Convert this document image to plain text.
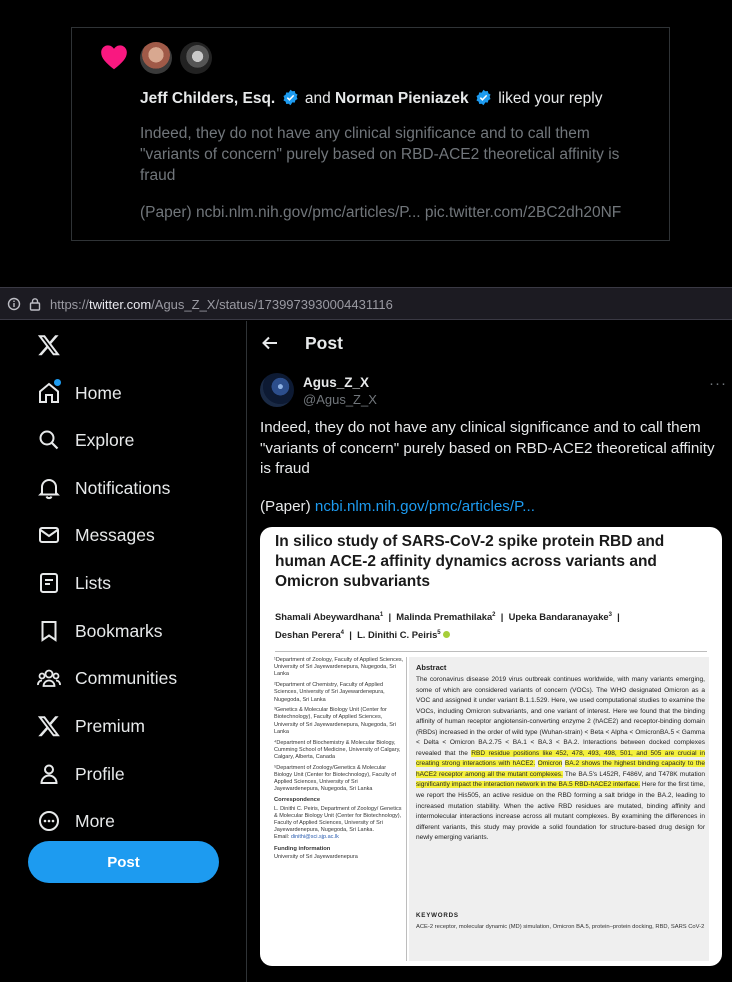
Jeff Childers, Esq. and Norman Pieniazek liked your reply
Indeed, they do not have any clinical significance and to call them "variants of concern" purely based on RBD-ACE2 theoretical affinity is fraud
(Paper) ncbi.nlm.nih.gov/pmc/articles/P... pic.twitter.com/2BC2dh20NF
https://twitter.com/Agus_Z_X/status/1739973930004431116
Home
Explore
Notifications
Messages
Lists
Bookmarks
Communities
Premium
Profile
More
Post
Post
Agus_Z_X
@Agus_Z_X
···
Indeed, they do not have any clinical significance and to call them "variants of concern" purely based on RBD-ACE2 theoretical affinity is fraud
(Paper) ncbi.nlm.nih.gov/pmc/articles/P...
In silico study of SARS-CoV-2 spike protein RBD and human ACE-2 affinity dynamics across variants and Omicron subvariants
Shamali Abeywardhana$^1$  |  Malinda Premathilaka$^2$  |  Upeka Bandaranayake$^3$  |
Deshan Perera$^4$  |  L. Dinithi C. Peiris$^5$

¹Department of Zoology, Faculty of Applied Sciences, University of Sri Jayewardenepura, Nugegoda, Sri Lanka

²Department of Chemistry, Faculty of Applied Sciences, University of Sri Jayewardenepura, Nugegoda, Sri Lanka

³Genetics & Molecular Biology Unit (Center for Biotechnology), Faculty of Applied Sciences, University of Sri Jayewardenepura, Nugegoda, Sri Lanka

⁴Department of Biochemistry & Molecular Biology, Cumming School of Medicine, University of Calgary, Calgary, Alberta, Canada

⁵Department of Zoology/Genetics & Molecular Biology Unit (Center for Biotechnology), Faculty of Applied Sciences, University of Sri Jayewardenepura, Nugegoda, Sri Lanka

Correspondence

L. Dinithi C. Peiris, Department of Zoology/ Genetics & Molecular Biology Unit (Center for Biotechnology), Faculty of Applied Sciences, University of Sri Jayewardenepura, Nugegoda, Sri Lanka.

Email: dinithi@sci.sjp.ac.lk

Funding information

University of Sri Jayewardenepura

Abstract
The coronavirus disease 2019 virus outbreak continues worldwide, with many variants emerging, some of which are considered variants of concern (VOCs). The WHO designated Omicron as a VOC and assigned it under variant B.1.1.529. Here, we used computational studies to examine the VOCs, including Omicron subvariants, and one variant of interest. Here we found that the binding affinity of human receptor angiotensin-converting enzyme 2 (hACE2) and receptor-binding domain (RBDs) increased in the order of wild type (Wuhan-strain) < Beta < Alpha < OmicronBA.5 < Gamma < Delta < Omicron BA.2.75 < BA.1 < BA.3 < BA.2. Interactions between docked complexes revealed that the RBD residue positions like 452, 478, 493, 498, 501, and 505 are crucial in creating strong interactions with hACE2. Omicron BA.2 shows the highest binding capacity to the hACE2 receptor among all the mutant complexes. The BA.5's L452R, F486V, and T478K mutation significantly impact the interaction network in the BA.5 RBD-hACE2 interface. Here for the first time, we report the His505, an active residue on the RBD forming a salt bridge in the BA.2, leading to increased mutation stability. When the active RBD residues are mutated, binding affinity and intermolecular interactions increase across all mutant complexes. By examining the differences in different variants, this study may provide a solid foundation for structure-based drug design for newly emerging variants.
KEYWORDS
ACE-2 receptor, molecular dynamic (MD) simulation, Omicron BA.5, protein–protein docking, RBD, SARS CoV-2
